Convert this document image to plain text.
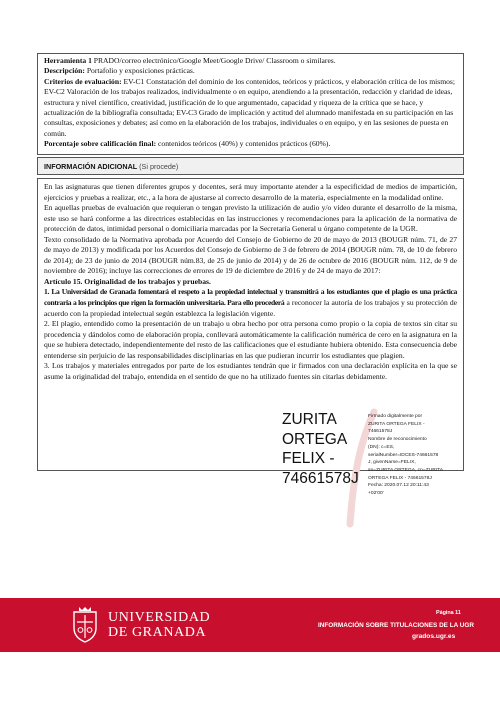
Herramienta 1 PRADO/correo electrónico/Google Meet/Google Drive/ Classroom o similares.

Descripción: Portafolio y exposiciones prácticas.

Criterios de evaluación: EV-C1 Constatación del dominio de los contenidos, teóricos y prácticos, y elaboración crítica de los mismos; EV-C2 Valoración de los trabajos realizados, individualmente o en equipo, atendiendo a la presentación, redacción y claridad de ideas, estructura y nivel científico, creatividad, justificación de lo que argumentado, capacidad y riqueza de la crítica que se hace, y actualización de la bibliografía consultada; EV-C3 Grado de implicación y actitud del alumnado manifestada en su participación en las consultas, exposiciones y debates; así como en la elaboración de los trabajos, individuales o en equipo, y en las sesiones de puesta en común.

Porcentaje sobre calificación final: contenidos teóricos (40%) y contenidos prácticos (60%).

INFORMACIÓN ADICIONAL (Si procede)

En las asignaturas que tienen diferentes grupos y docentes, será muy importante atender a la especificidad de medios de impartición, ejercicios y pruebas a realizar, etc., a la hora de ajustarse al correcto desarrollo de la materia, especialmente en la modalidad online.

En aquellas pruebas de evaluación que requieran o tengan previsto la utilización de audio y/o vídeo durante el desarrollo de la misma, este uso se hará conforme a las directrices establecidas en las instrucciones y recomendaciones para la aplicación de la normativa de protección de datos, intimidad personal o domiciliaria marcadas por la Secretaría General u órgano competente de la UGR.

Texto consolidado de la Normativa aprobada por Acuerdo del Consejo de Gobierno de 20 de mayo de 2013 (BOUGR núm. 71, de 27 de mayo de 2013) y modificada por los Acuerdos del Consejo de Gobierno de 3 de febrero de 2014 (BOUGR núm. 78, de 10 de febrero de 2014); de 23 de junio de 2014 (BOUGR núm.83, de 25 de junio de 2014) y de 26 de octubre de 2016 (BOUGR núm. 112, de 9 de noviembre de 2016); incluye las correcciones de errores de 19 de diciembre de 2016 y de 24 de mayo de 2017:

Artículo 15. Originalidad de los trabajos y pruebas.

1. La Universidad de Granada fomentará el respeto a la propiedad intelectual y transmitirá a los estudiantes que el plagio es una práctica contraria a los principios que rigen la formación universitaria. Para ello procederá a reconocer la autoría de los trabajos y su protección de acuerdo con la propiedad intelectual según establezca la legislación vigente.

2. El plagio, entendido como la presentación de un trabajo u obra hecho por otra persona como propio o la copia de textos sin citar su procedencia y dándolos como de elaboración propia, conllevará automáticamente la calificación numérica de cero en la asignatura en la que se hubiera detectado, independientemente del resto de las calificaciones que el estudiante hubiera obtenido. Esta consecuencia debe entenderse sin perjuicio de las responsabilidades disciplinarias en las que pudieran incurrir los estudiantes que plagien.

3. Los trabajos y materiales entregados por parte de los estudiantes tendrán que ir firmados con una declaración explícita en la que se asume la originalidad del trabajo, entendida en el sentido de que no ha utilizado fuentes sin citarlas debidamente.

ZURITA
ORTEGA
FELIX -
74661578J
Firmado digitalmente por
ZURITA ORTEGA FELIX -
74661578J
Nombre de reconocimiento
(DN): c=ES,
serialNumber=IDCES-74661578
J, givenName=FELIX,
sn=ZURITA ORTEGA, cn=ZURITA
ORTEGA FELIX - 74661578J
Fecha: 2020.07.12 20:11:43
+02'00'
UNIVERSIDAD
DE GRANADA
Página 11
INFORMACIÓN SOBRE TITULACIONES DE LA UGR
grados.ugr.es
